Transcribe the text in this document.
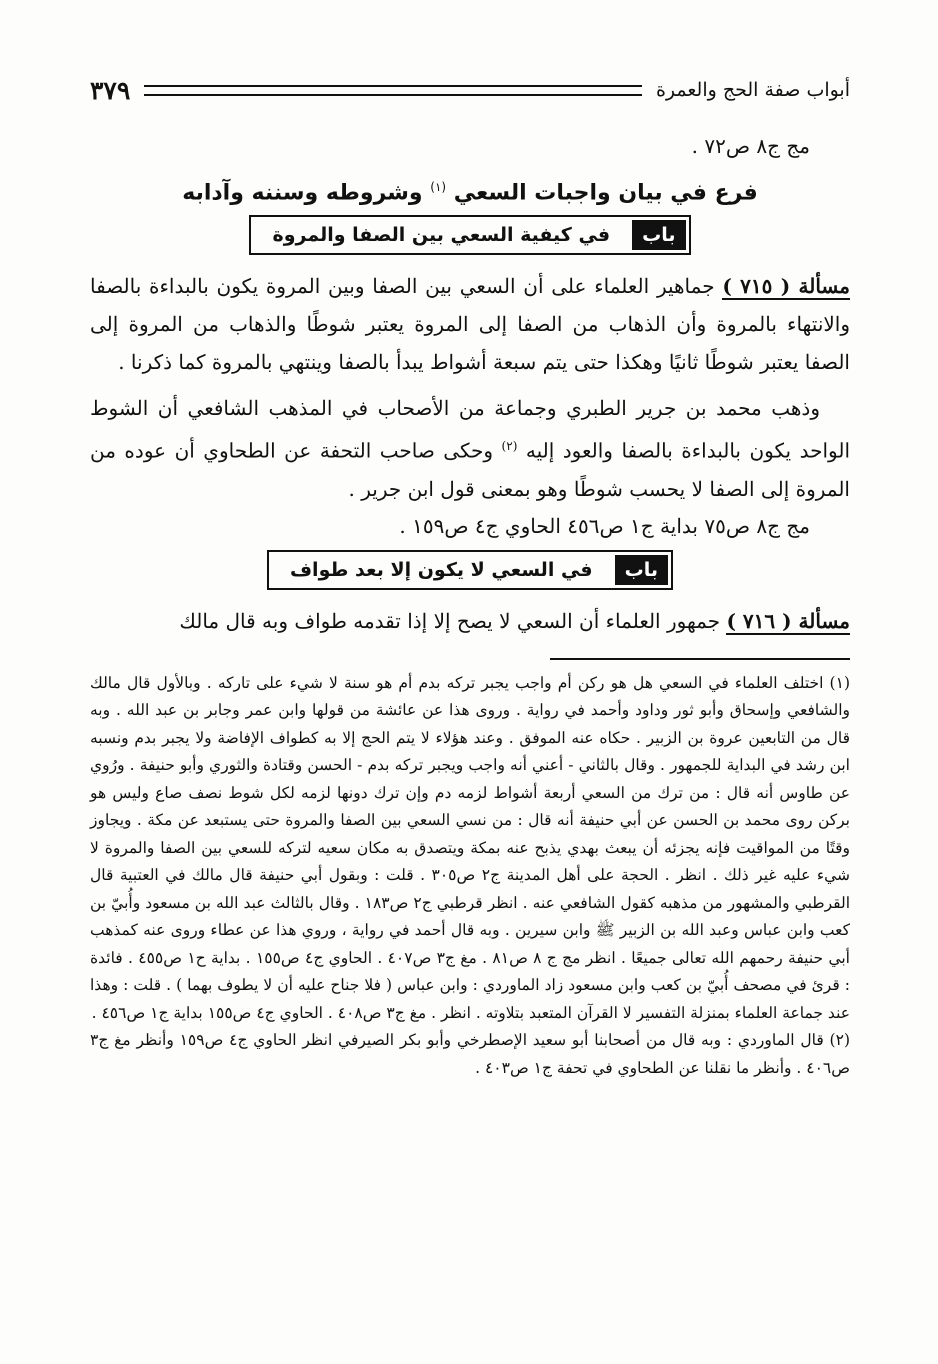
أبواب صفة الحج والعمرة
٣٧٩

مج ج٨ ص٧٢ .

فرع في بيان واجبات السعي $^{(١)}$ وشروطه وسننه وآدابه
باب
في كيفية السعي بين الصفا والمروة

مسألة ( ٧١٥ ) جماهير العلماء على أن السعي بين الصفا وبين المروة يكون بالبداءة بالصفا والانتهاء بالمروة وأن الذهاب من الصفا إلى المروة يعتبر شوطًا والذهاب من المروة إلى الصفا يعتبر شوطًا ثانيًا وهكذا حتى يتم سبعة أشواط يبدأ بالصفا وينتهي بالمروة كما ذكرنا .

وذهب محمد بن جرير الطبري وجماعة من الأصحاب في المذهب الشافعي أن الشوط الواحد يكون بالبداءة بالصفا والعود إليه $^{(٢)}$ وحكى صاحب التحفة عن الطحاوي أن عوده من المروة إلى الصفا لا يحسب شوطًا وهو بمعنى قول ابن جرير .

مج ج٨ ص٧٥ بداية ج١ ص٤٥٦ الحاوي ج٤ ص١٥٩ .

باب
في السعي لا يكون إلا بعد طواف

مسألة ( ٧١٦ ) جمهور العلماء أن السعي لا يصح إلا إذا تقدمه طواف وبه قال مالك

(١) اختلف العلماء في السعي هل هو ركن أم واجب يجبر تركه بدم أم هو سنة لا شيء على تاركه . وبالأول قال مالك والشافعي وإسحاق وأبو ثور وداود وأحمد في رواية . وروى هذا عن عائشة من قولها وابن عمر وجابر بن عبد الله . وبه قال من التابعين عروة بن الزبير . حكاه عنه الموفق . وعند هؤلاء لا يتم الحج إلا به كطواف الإفاضة ولا يجبر بدم ونسبه ابن رشد في البداية للجمهور . وقال بالثاني - أعني أنه واجب ويجبر تركه بدم - الحسن وقتادة والثوري وأبو حنيفة . ورُوي عن طاوس أنه قال : من ترك من السعي أربعة أشواط لزمه دم وإن ترك دونها لزمه لكل شوط نصف صاع وليس هو بركن روى محمد بن الحسن عن أبي حنيفة أنه قال : من نسي السعي بين الصفا والمروة حتى يستبعد عن مكة . ويجاوز وقتًا من المواقيت فإنه يجزئه أن يبعث بهدي يذبح عنه بمكة ويتصدق به مكان سعيه لتركه للسعي بين الصفا والمروة لا شيء عليه غير ذلك . انظر . الحجة على أهل المدينة ج٢ ص٣٠٥ . قلت : وبقول أبي حنيفة قال مالك في العتبية قال القرطبي والمشهور من مذهبه كقول الشافعي عنه . انظر قرطبي ج٢ ص١٨٣ . وقال بالثالث عبد الله بن مسعود وأُبيّ بن كعب وابن عباس وعبد الله بن الزبير ﷺ وابن سيرين . وبه قال أحمد في رواية ، وروي هذا عن عطاء وروى عنه كمذهب أبي حنيفة رحمهم الله تعالى جميعًا . انظر مج ج ٨ ص٨١ . مغ ج٣ ص٤٠٧ . الحاوي ج٤ ص١٥٥ . بداية ح١ ص٤٥٥ . فائدة : قرئ في مصحف أُبيّ بن كعب وابن مسعود زاد الماوردي : وابن عباس ( فلا جناح عليه أن لا يطوف بهما ) . قلت : وهذا عند جماعة العلماء بمنزلة التفسير لا القرآن المتعبد بتلاوته . انظر . مغ ج٣ ص٤٠٨ . الحاوي ج٤ ص١٥٥ بداية ج١ ص٤٥٦ .

(٢) قال الماوردي : وبه قال من أصحابنا أبو سعيد الإصطرخي وأبو بكر الصيرفي انظر الحاوي ج٤ ص١٥٩ وأنظر مغ ج٣ ص٤٠٦ . وأنظر ما نقلنا عن الطحاوي في تحفة ج١ ص٤٠٣ .
